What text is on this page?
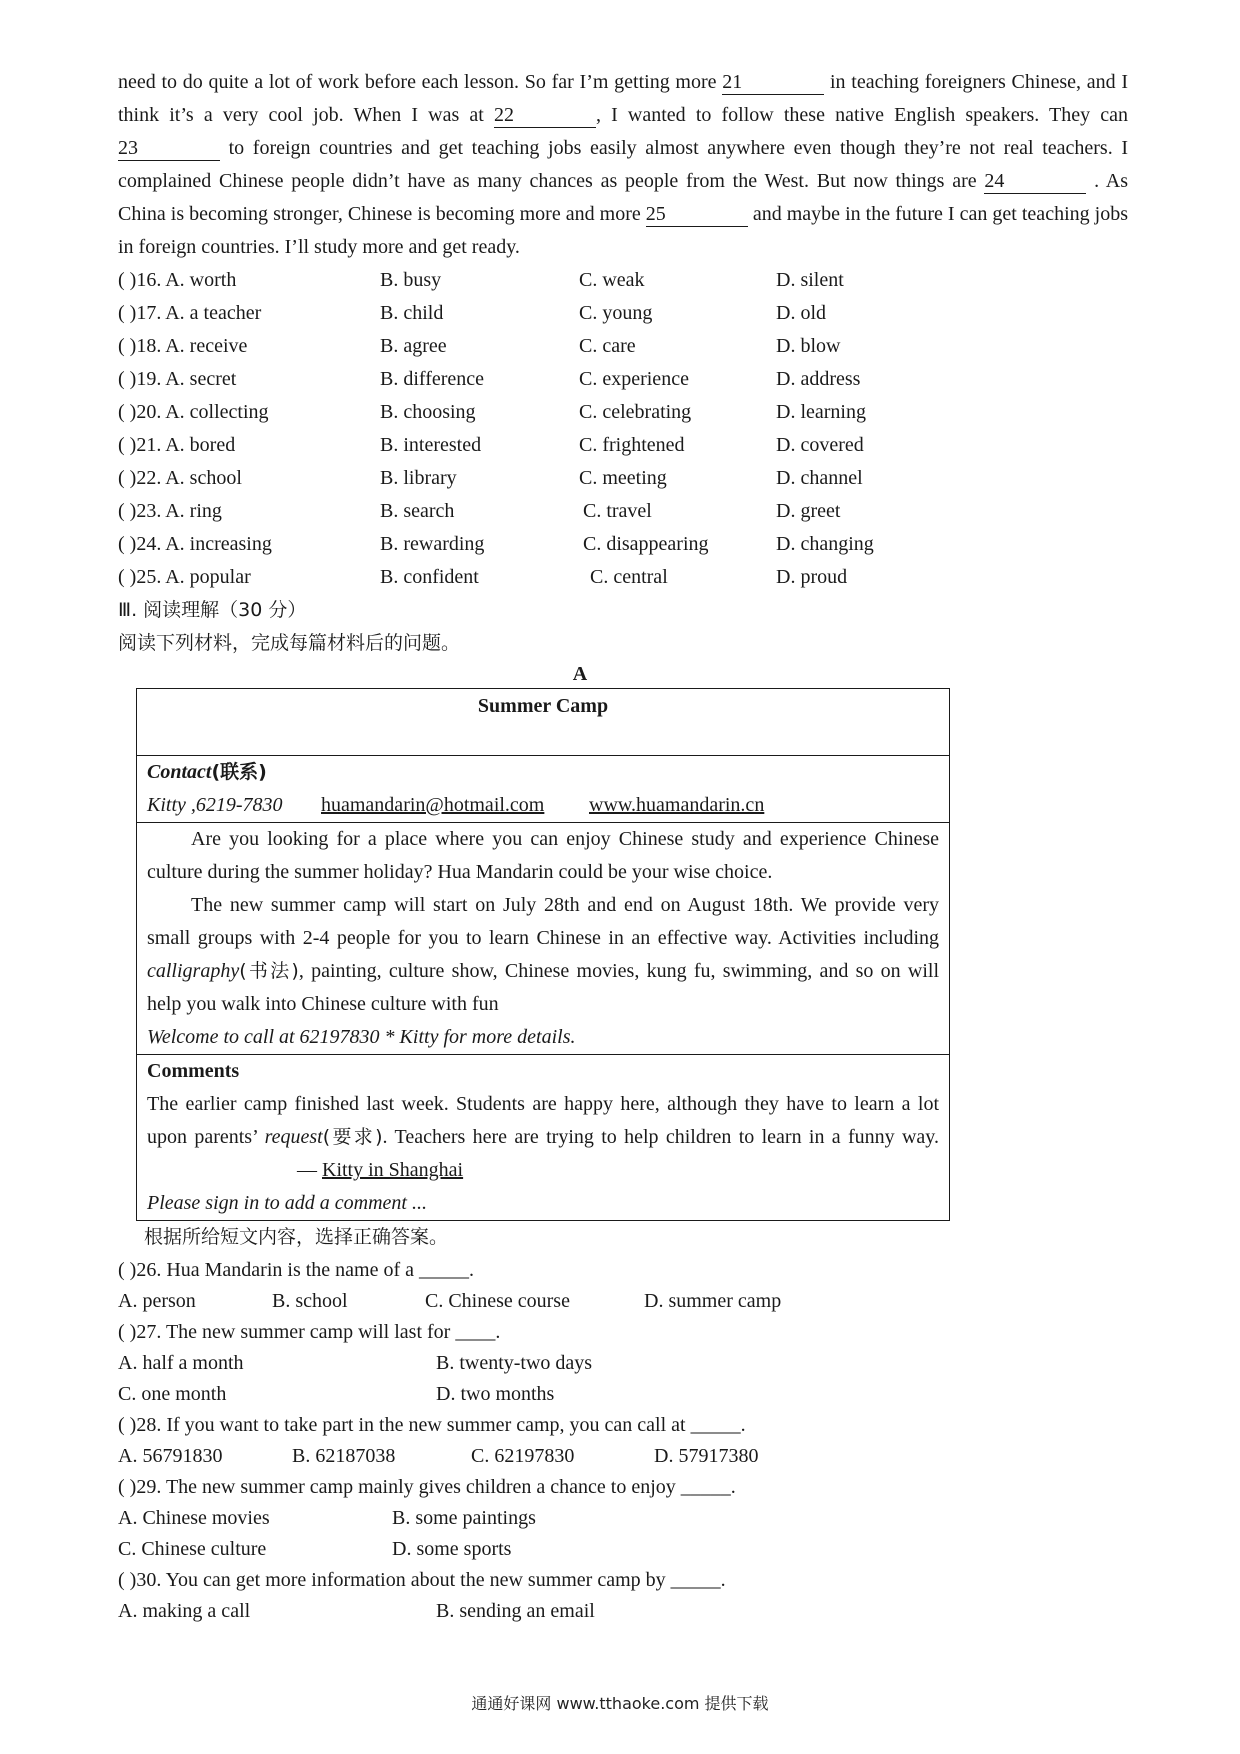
need to do quite a lot of work before each lesson. So far I’m getting more 21	in teaching foreigners Chinese, and I think it’s a very cool job. When I was at 22	, I wanted to follow these native English speakers. They can 23	to foreign countries and get teaching jobs easily almost anywhere even though they’re not real teachers. I complained Chinese people didn’t have as many chances as people from the West. But now things are 24	. As China is becoming stronger, Chinese is becoming more and more 25	and maybe in the future I can get teaching jobs in foreign countries. I’ll study more and get ready.

( )16. A. worth	B. busy	C. weak	D. silent
( )17. A. a teacher	B. child	C. young	D. old
( )18. A. receive	B. agree	C. care	D. blow
( )19. A. secret	B. difference	C. experience	D. address
( )20. A. collecting	B. choosing	C. celebrating	D. learning
( )21. A. bored	B. interested	C. frightened	D. covered
( )22. A. school	B. library	C. meeting	D. channel
( )23. A. ring	B. search	C. travel	D. greet
( )24. A. increasing	B. rewarding	C. disappearing	D. changing
( )25. A. popular	B. confident	C. central	D. proud

Ⅲ. 阅读理解（30 分）

阅读下列材料，完成每篇材料后的问题。

A
Summer Camp
Contact(联系)
Kitty ,6219-7830 huamandarin@hotmail.com www.huamandarin.cn

Are you looking for a place where you can enjoy Chinese study and experience Chinese culture during the summer holiday? Hua Mandarin could be your wise choice.

The new summer camp will start on July 28th and end on August 18th. We provide very small groups with 2-4 people for you to learn Chinese in an effective way. Activities including calligraphy(书法), painting, culture show, Chinese movies, kung fu, swimming, and so on will help you walk into Chinese culture with fun

Welcome to call at 62197830 * Kitty for more details.

Comments

The earlier camp finished last week. Students are happy here, although they have to learn a lot upon parents’ request(要求). Teachers here are trying to help children to learn in a funny way.— Kitty in Shanghai

Please sign in to add a comment ...

根据所给短文内容，选择正确答案。

( )26. Hua Mandarin is the name of a _____.
A. person	B. school	C. Chinese course	D. summer camp
( )27. The new summer camp will last for ____.
A. half a month	B. twenty-two days
C. one month	D. two months
( )28. If you want to take part in the new summer camp, you can call at _____.
A. 56791830	B. 62187038	C. 62197830	D. 57917380
( )29. The new summer camp mainly gives children a chance to enjoy _____.
A. Chinese movies	B. some paintings
C. Chinese culture	D. some sports
( )30. You can get more information about the new summer camp by _____.
A. making a call	B. sending an email
通通好课网 www.tthaoke.com 提供下载
